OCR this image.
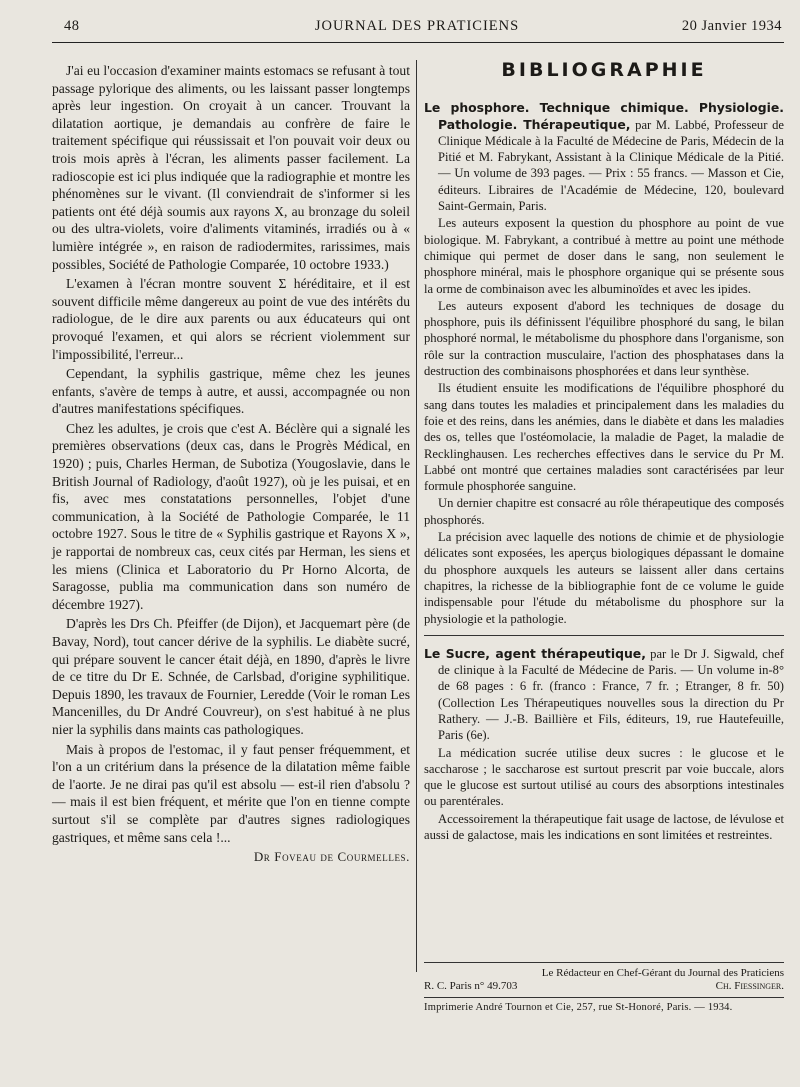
48	JOURNAL DES PRATICIENS	20 Janvier 1934

J'ai eu l'occasion d'examiner maints estomacs se refusant à tout passage pylorique des aliments, ou les laissant passer longtemps après leur ingestion. On croyait à un cancer. Trouvant la dilatation aortique, je demandais au confrère de faire le traitement spécifique qui réussissait et l'on pouvait voir deux ou trois mois après à l'écran, les aliments passer facilement. La radioscopie est ici plus indiquée que la radiographie et montre les phénomènes sur le vivant. (Il conviendrait de s'informer si les patients ont été déjà soumis aux rayons X, au bronzage du soleil ou des ultra-violets, voire d'aliments vitaminés, irradiés ou à « lumière intégrée », en raison de radiodermites, rarissimes, mais possibles, Société de Pathologie Comparée, 10 octobre 1933.)

L'examen à l'écran montre souvent Σ héréditaire, et il est souvent difficile même dangereux au point de vue des intérêts du radiologue, de le dire aux parents ou aux éducateurs qui ont provoqué l'examen, et qui alors se récrient violemment sur l'impossibilité, l'erreur...

Cependant, la syphilis gastrique, même chez les jeunes enfants, s'avère de temps à autre, et aussi, accompagnée ou non d'autres manifestations spécifiques.

Chez les adultes, je crois que c'est A. Béclère qui a signalé les premières observations (deux cas, dans le Progrès Médical, en 1920) ; puis, Charles Herman, de Subotiza (Yougoslavie, dans le British Journal of Radiology, d'août 1927), où je les puisai, et en fis, avec mes constatations personnelles, l'objet d'une communication, à la Société de Pathologie Comparée, le 11 octobre 1927. Sous le titre de « Syphilis gastrique et Rayons X », je rapportai de nombreux cas, ceux cités par Herman, les siens et les miens (Clinica et Laboratorio du Pr Horno Alcorta, de Saragosse, publia ma communication dans son numéro de décembre 1927).

D'après les Drs Ch. Pfeiffer (de Dijon), et Jacquemart père (de Bavay, Nord), tout cancer dérive de la syphilis. Le diabète sucré, qui prépare souvent le cancer était déjà, en 1890, d'après le livre de ce titre du Dr E. Schnée, de Carlsbad, d'origine syphilitique. Depuis 1890, les travaux de Fournier, Leredde (Voir le roman Les Mancenilles, du Dr André Couvreur), on s'est habitué à ne plus nier la syphilis dans maints cas pathologiques.

Mais à propos de l'estomac, il y faut penser fréquemment, et l'on a un critérium dans la présence de la dilatation même faible de l'aorte. Je ne dirai pas qu'il est absolu — est-il rien d'absolu ? — mais il est bien fréquent, et mérite que l'on en tienne compte surtout s'il se complète par d'autres signes radiologiques gastriques, et même sans cela !...

Dr Foveau de Courmelles.

BIBLIOGRAPHIE

Le phosphore. Technique chimique. Physiologie. Pathologie. Thérapeutique, par M. Labbé, Professeur de Clinique Médicale à la Faculté de Médecine de Paris, Médecin de la Pitié et M. Fabrykant, Assistant à la Clinique Médicale de la Pitié. — Un volume de 393 pages. — Prix : 55 francs. — Masson et Cie, éditeurs. Libraires de l'Académie de Médecine, 120, boulevard Saint-Germain, Paris.

Les auteurs exposent la question du phosphore au point de vue biologique. M. Fabrykant, a contribué à mettre au point une méthode chimique qui permet de doser dans le sang, non seulement le phosphore minéral, mais le phosphore organique qui se présente sous la orme de combinaison avec les albuminoïdes et avec les ipides.

Les auteurs exposent d'abord les techniques de dosage du phosphore, puis ils définissent l'équilibre phosphoré du sang, le bilan phosphoré normal, le métabolisme du phosphore dans l'organisme, son rôle sur la contraction musculaire, l'action des phosphatases dans la destruction des combinaisons phosphorées et dans leur synthèse.

Ils étudient ensuite les modifications de l'équilibre phosphoré du sang dans toutes les maladies et principalement dans les maladies du foie et des reins, dans les anémies, dans le diabète et dans les maladies des os, telles que l'ostéomolacie, la maladie de Paget, la maladie de Recklinghausen. Les recherches effectives dans le service du Pr M. Labbé ont montré que certaines maladies sont caractérisées par leur formule phosphorée sanguine.

Un dernier chapitre est consacré au rôle thérapeutique des composés phosphorés.

La précision avec laquelle des notions de chimie et de physiologie délicates sont exposées, les aperçus biologiques dépassant le domaine du phosphore auxquels les auteurs se laissent aller dans certains chapitres, la richesse de la bibliographie font de ce volume le guide indispensable pour l'étude du métabolisme du phosphore sur la physiologie et la pathologie.

Le Sucre, agent thérapeutique, par le Dr J. Sigwald, chef de clinique à la Faculté de Médecine de Paris. — Un volume in-8° de 68 pages : 6 fr. (franco : France, 7 fr. ; Etranger, 8 fr. 50) (Collection Les Thérapeutiques nouvelles sous la direction du Pr Rathery. — J.-B. Baillière et Fils, éditeurs, 19, rue Hautefeuille, Paris (6e).

La médication sucrée utilise deux sucres : le glucose et le saccharose ; le saccharose est surtout prescrit par voie buccale, alors que le glucose est surtout utilisé au cours des absorptions intestinales ou parentérales.

Accessoirement la thérapeutique fait usage de lactose, de lévulose et aussi de galactose, mais les indications en sont limitées et restreintes.

Le Rédacteur en Chef-Gérant du Journal des Praticiens
R. C. Paris n° 49.703	Ch. Fiessinger.
Imprimerie André Tournon et Cie, 257, rue St-Honoré, Paris. — 1934.
